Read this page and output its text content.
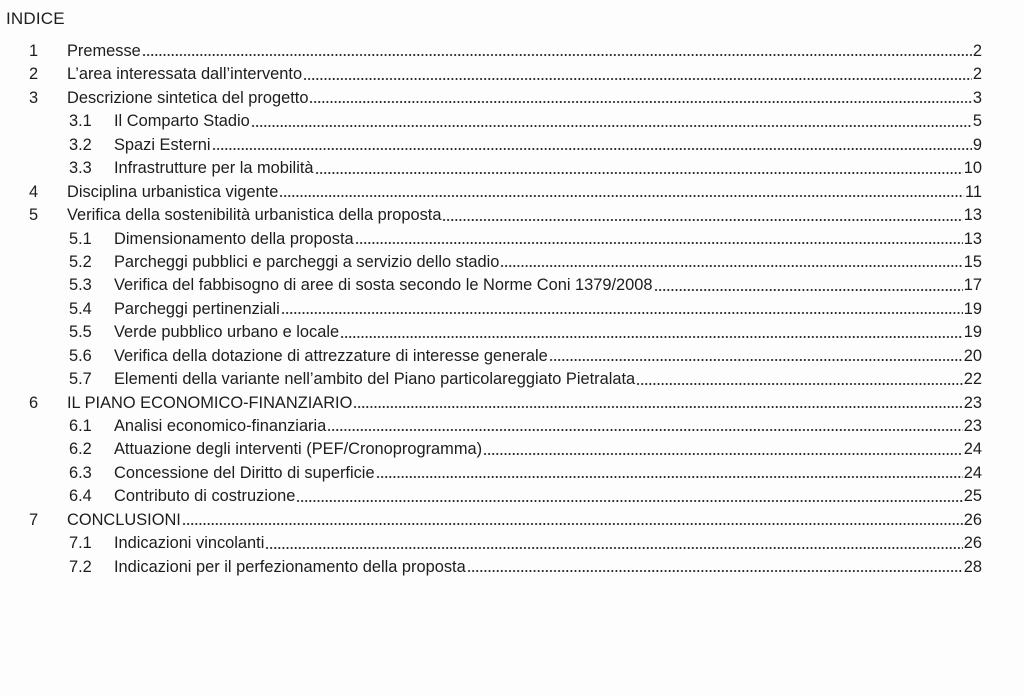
INDICE
1 Premesse	2
2 L’area interessata dall’intervento	2
3 Descrizione sintetica del progetto	3
3.1 Il Comparto Stadio	5
3.2 Spazi Esterni	9
3.3 Infrastrutture per la mobilità	10
4 Disciplina urbanistica vigente	11
5 Verifica della sostenibilità urbanistica della proposta	13
5.1 Dimensionamento della proposta	13
5.2 Parcheggi pubblici e parcheggi a servizio dello stadio	15
5.3 Verifica del fabbisogno di aree di sosta secondo le Norme Coni 1379/2008	17
5.4 Parcheggi pertinenziali	19
5.5 Verde pubblico urbano e locale	19
5.6 Verifica della dotazione di attrezzature di interesse generale	20
5.7 Elementi della variante nell’ambito del Piano particolareggiato Pietralata	22
6 IL PIANO ECONOMICO-FINANZIARIO	23
6.1 Analisi economico-finanziaria	23
6.2 Attuazione degli interventi (PEF/Cronoprogramma)	24
6.3 Concessione del Diritto di superficie	24
6.4 Contributo di costruzione	25
7 CONCLUSIONI	26
7.1 Indicazioni vincolanti	26
7.2 Indicazioni per il perfezionamento della proposta	28
